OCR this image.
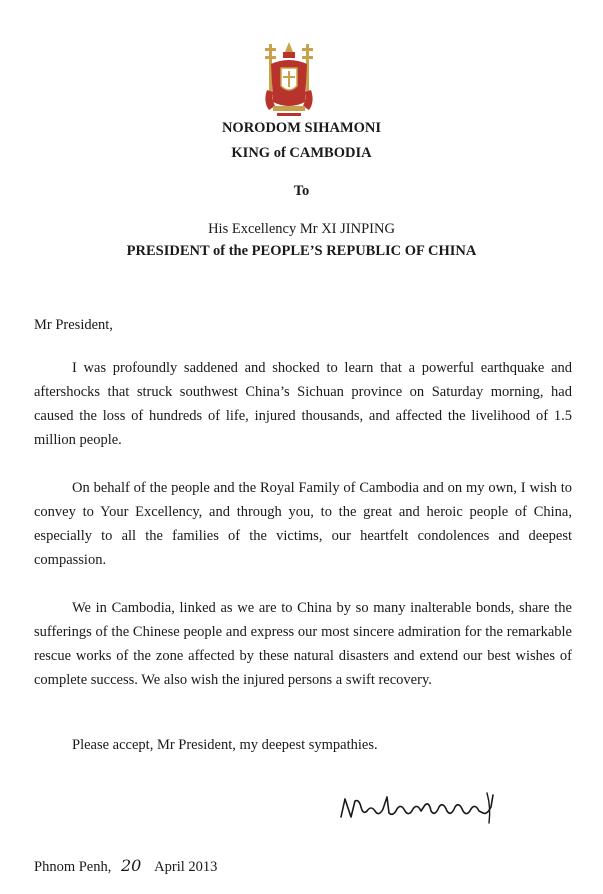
NORODOM SIHAMONI
KING of CAMBODIA
To
His Excellency Mr XI JINPING
PRESIDENT of the PEOPLE’S REPUBLIC OF CHINA
Mr President,
I was profoundly saddened and shocked to learn that a powerful earthquake and aftershocks that struck southwest China’s Sichuan province on Saturday morning, had caused the loss of hundreds of life, injured thousands, and affected the livelihood of 1.5 million people.
On behalf of the people and the Royal Family of Cambodia and on my own, I wish to convey to Your Excellency, and through you, to the great and heroic people of China, especially to all the families of the victims, our heartfelt condolences and deepest compassion.
We in Cambodia, linked as we are to China by so many inalterable bonds, share the sufferings of the Chinese people and express our most sincere admiration for the remarkable rescue works of the zone affected by these natural disasters and extend our best wishes of complete success. We also wish the injured persons a swift recovery.
Please accept, Mr President, my deepest sympathies.
Phnom Penh, 20 April 2013
